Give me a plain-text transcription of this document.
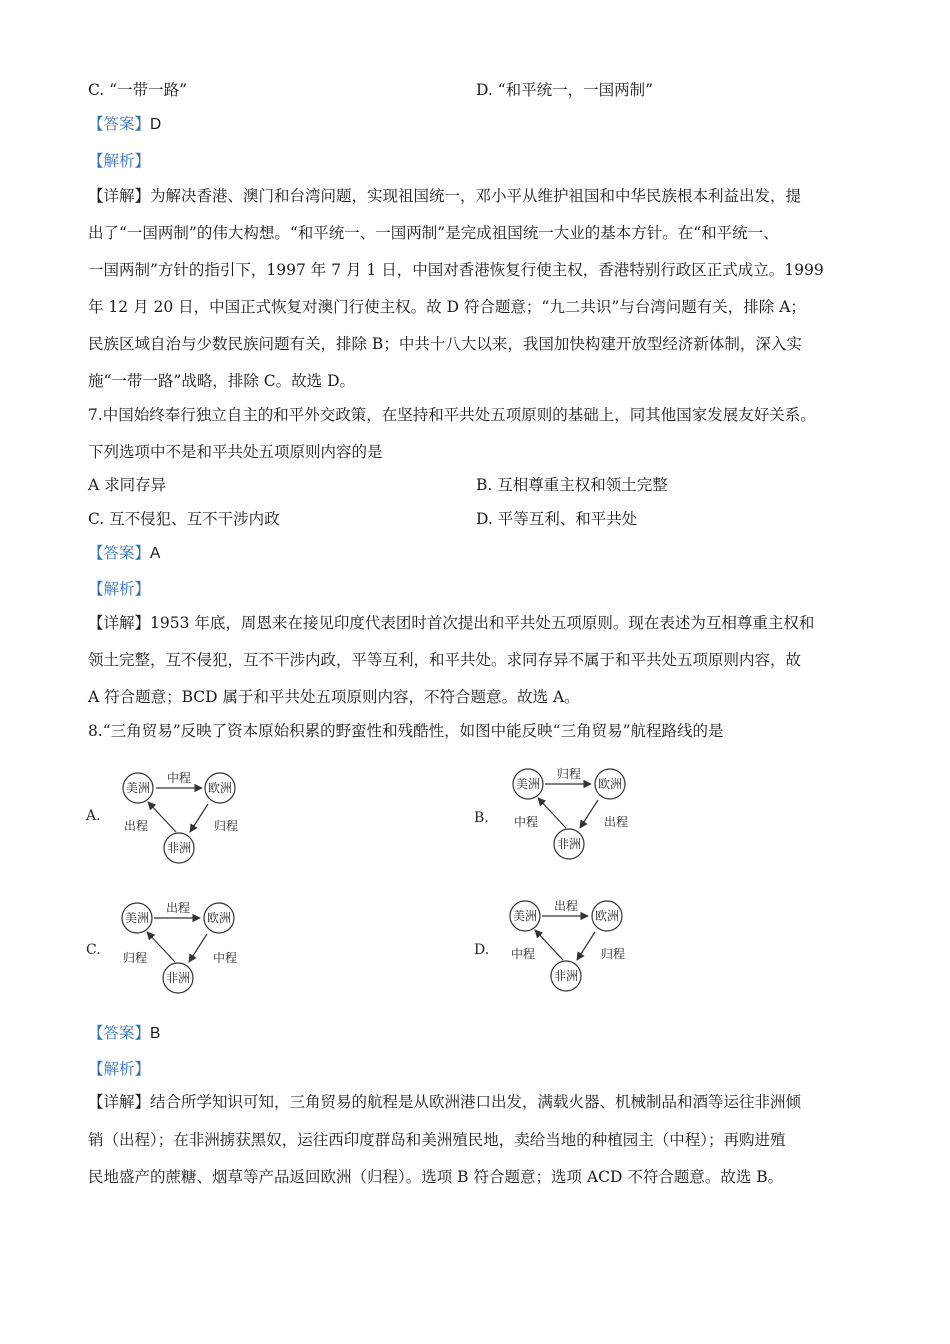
C. “一带一路”	D. “和平统一，一国两制”
【答案】D
【解析】
【详解】为解决香港、澳门和台湾问题，实现祖国统一，邓小平从维护祖国和中华民族根本利益出发，提
出了“一国两制”的伟大构想。“和平统一、一国两制”是完成祖国统一大业的基本方针。在“和平统一、
一国两制”方针的指引下，1997 年 7 月 1 日，中国对香港恢复行使主权，香港特别行政区正式成立。1999
年 12 月 20 日，中国正式恢复对澳门行使主权。故 D 符合题意；“九二共识”与台湾问题有关，排除 A；
民族区域自治与少数民族问题有关，排除 B；中共十八大以来，我国加快构建开放型经济新体制，深入实
施“一带一路”战略，排除 C。故选 D。
7.中国始终奉行独立自主的和平外交政策，在坚持和平共处五项原则的基础上，同其他国家发展友好关系。
下列选项中不是和平共处五项原则内容的是
A 求同存异	B. 互相尊重主权和领土完整
C. 互不侵犯、互不干涉内政	D. 平等互利、和平共处
【答案】A
【解析】
【详解】1953 年底，周恩来在接见印度代表团时首次提出和平共处五项原则。现在表述为互相尊重主权和
领土完整，互不侵犯，互不干涉内政，平等互利，和平共处。求同存异不属于和平共处五项原则内容，故
A 符合题意；BCD 属于和平共处五项原则内容，不符合题意。故选 A。
8.“三角贸易”反映了资本原始积累的野蛮性和残酷性，如图中能反映“三角贸易”航程路线的是
A.
美洲	欧洲
非洲
中程
出程	归程	B.
美洲	欧洲
非洲
归程
中程	出程
C.
美洲	欧洲
非洲
出程
归程	中程	D.
美洲	欧洲
非洲
出程
中程	归程
【答案】B
【解析】
【详解】结合所学知识可知，三角贸易的航程是从欧洲港口出发，满载火器、机械制品和酒等运往非洲倾
销（出程）；在非洲掳获黑奴，运往西印度群岛和美洲殖民地，卖给当地的种植园主（中程）；再购进殖
民地盛产的蔗糖、烟草等产品返回欧洲（归程）。选项 B 符合题意；选项 ACD 不符合题意。故选 B。
